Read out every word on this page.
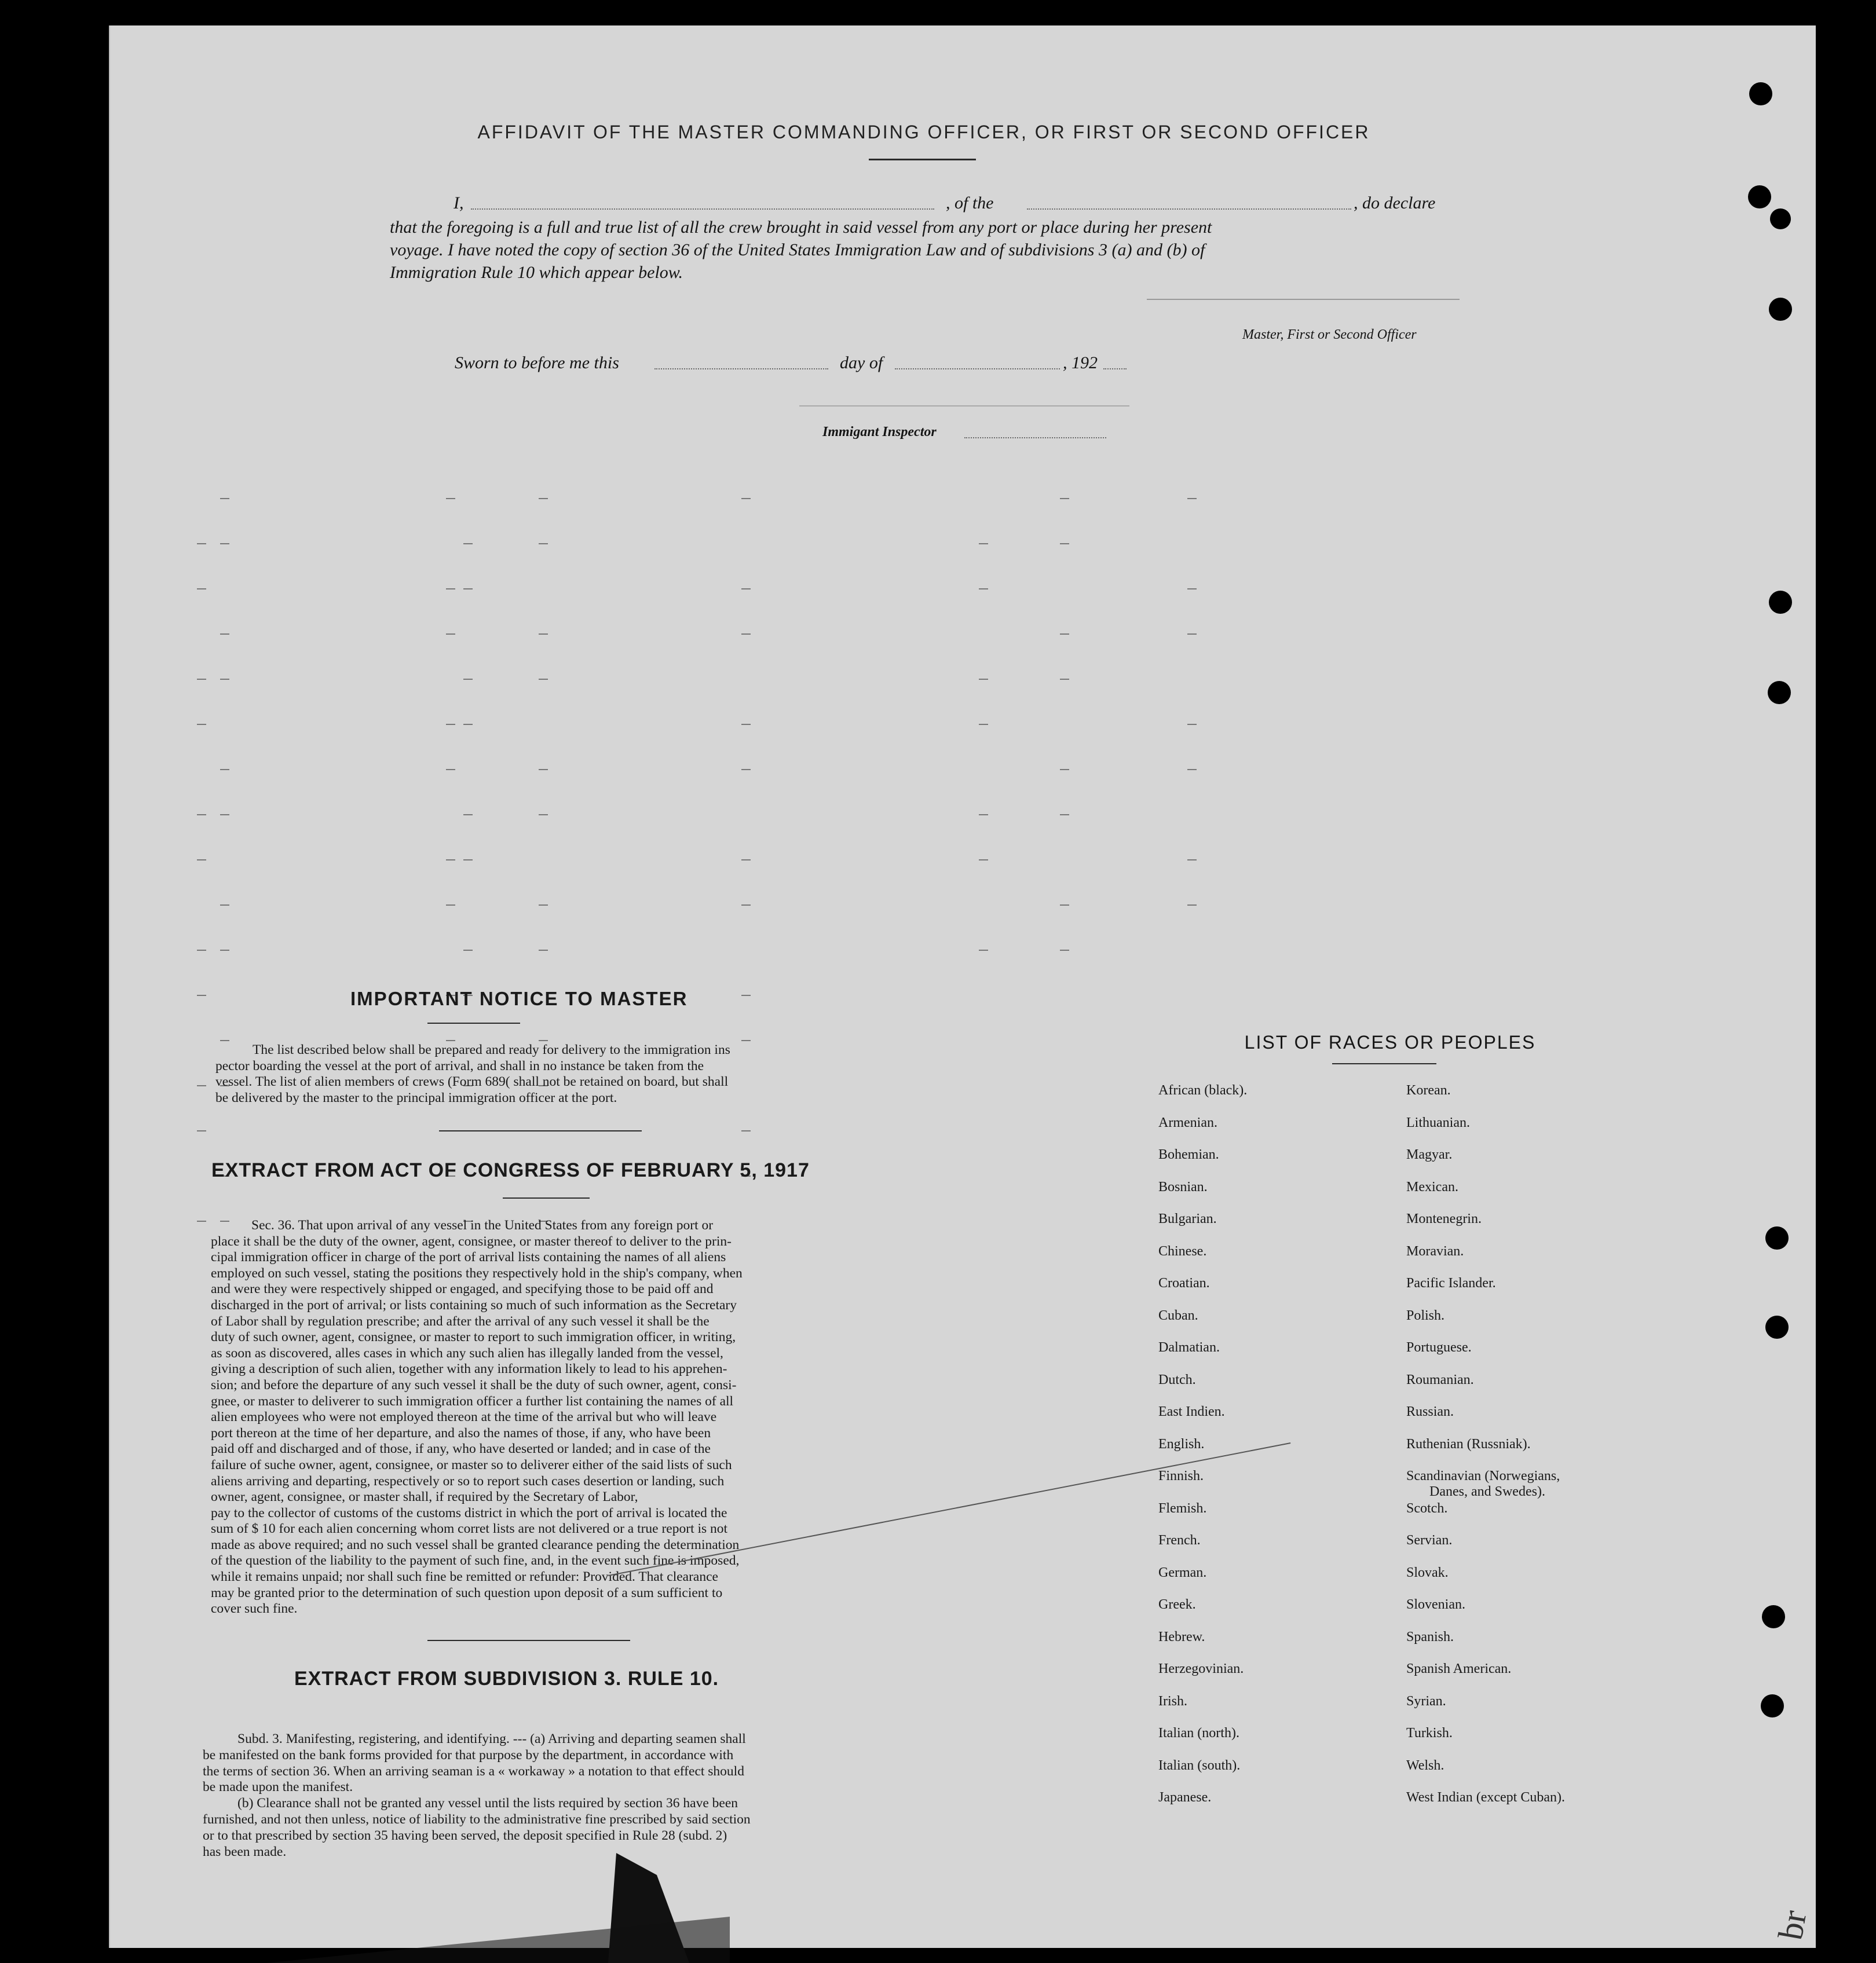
AFFIDAVIT OF THE MASTER COMMANDING OFFICER, OR FIRST OR SECOND OFFICER
I,	, of the	, do declare
that the foregoing is a full and true list of all the crew brought in said vessel from any port or place during her present
voyage. I have noted the copy of section 36 of the United States Immigration Law and of subdivisions 3 (a) and (b) of
Immigration Rule 10 which appear below.
Master, First or Second Officer
Sworn to before me this	day of	, 192
Immigant Inspector
IMPORTANT NOTICE TO MASTER
The list described below shall be prepared and ready for delivery to the immigration ins
pector boarding the vessel at the port of arrival, and shall in no instance be taken from the
vessel. The list of alien members of crews (Form 689( shall not be retained on board, but shall
be delivered by the master to the principal immigration officer at the port.
EXTRACT FROM ACT OF CONGRESS OF FEBRUARY 5, 1917
Sec. 36. That upon arrival of any vessel in the United States from any foreign port or
place it shall be the duty of the owner, agent, consignee, or master thereof to deliver to the prin-
cipal immigration officer in charge of the port of arrival lists containing the names of all aliens
employed on such vessel, stating the positions they respectively hold in the ship's company, when
and were they were respectively shipped or engaged, and specifying those to be paid off and
discharged in the port of arrival; or lists containing so much of such information as the Secretary
of Labor shall by regulation prescribe; and after the arrival of any such vessel it shall be the
duty of such owner, agent, consignee, or master to report to such immigration officer, in writing,
as soon as discovered, alles cases in which any such alien has illegally landed from the vessel,
giving a description of such alien, together with any information likely to lead to his apprehen-
sion; and before the departure of any such vessel it shall be the duty of such owner, agent, consi-
gnee, or master to deliverer to such immigration officer a further list containing the names of all
alien employees who were not employed thereon at the time of the arrival but who will leave
port thereon at the time of her departure, and also the names of those, if any, who have been
paid off and discharged and of those, if any, who have deserted or landed; and in case of the
failure of suche owner, agent, consignee, or master so to deliverer either of the said lists of such
aliens arriving and departing, respectively or so to report such cases desertion or landing, such
owner, agent, consignee, or master shall, if required by the Secretary of Labor,
pay to the collector of customs of the customs district in which the port of arrival is located the
sum of $ 10 for each alien concerning whom corret lists are not delivered or a true report is not
made as above required; and no such vessel shall be granted clearance pending the determination
of the question of the liability to the payment of such fine, and, in the event such fine is imposed,
while it remains unpaid; nor shall such fine be remitted or refunder: Provided. That clearance
may be granted prior to the determination of such question upon deposit of a sum sufficient to
cover such fine.
EXTRACT FROM SUBDIVISION 3. RULE 10.
Subd. 3. Manifesting, registering, and identifying. --- (a) Arriving and departing seamen shall
be manifested on the bank forms provided for that purpose by the department, in accordance with
the terms of section 36. When an arriving seaman is a « workaway » a notation to that effect should
be made upon the manifest.
(b) Clearance shall not be granted any vessel until the lists required by section 36 have been
furnished, and not then unless, notice of liability to the administrative fine prescribed by said section
or to that prescribed by section 35 having been served, the deposit specified in Rule 28 (subd. 2)
has been made.
LIST OF RACES OR PEOPLES
African (black).
Armenian.
Bohemian.
Bosnian.
Bulgarian.
Chinese.
Croatian.
Cuban.
Dalmatian.
Dutch.
East Indien.
English.
Finnish.
Flemish.
French.
German.
Greek.
Hebrew.
Herzegovinian.
Irish.
Italian (north).
Italian (south).
Japanese.
Korean.
Lithuanian.
Magyar.
Mexican.
Montenegrin.
Moravian.
Pacific Islander.
Polish.
Portuguese.
Roumanian.
Russian.
Ruthenian (Russniak).
Scandinavian (Norwegians,
Scotch.
Servian.
Slovak.
Slovenian.
Spanish.
Spanish American.
Syrian.
Turkish.
Welsh.
West Indian (except Cuban).
Danes, and Swedes).
br
